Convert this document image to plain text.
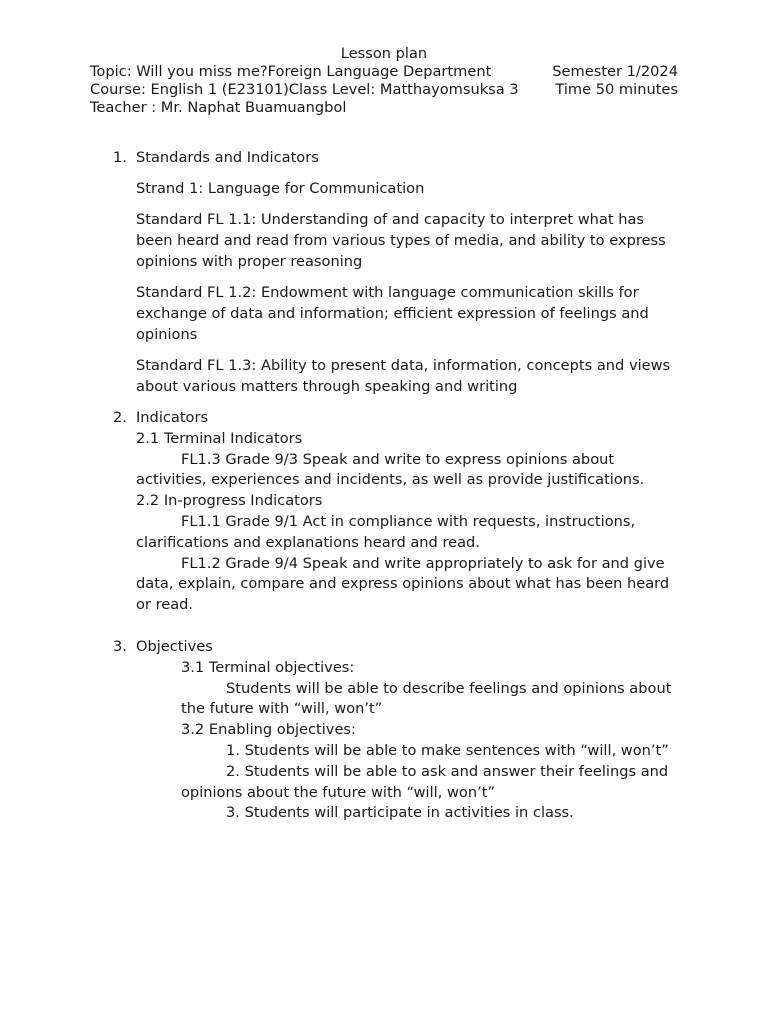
Lesson plan
Topic: Will you miss me?Foreign Language Department	Semester 1/2024
Course: English 1 (E23101)Class Level: Matthayomsuksa 3	Time 50 minutes
Teacher : Mr. Naphat Buamuangbol
1. Standards and Indicators

Strand 1: Language for Communication

Standard FL 1.1: Understanding of and capacity to interpret what has been heard and read from various types of media, and ability to express opinions with proper reasoning

Standard FL 1.2: Endowment with language communication skills for exchange of data and information; efficient expression of feelings and opinions

Standard FL 1.3: Ability to present data, information, concepts and views about various matters through speaking and writing

2. Indicators

2.1 Terminal Indicators

FL1.3 Grade 9/3 Speak and write to express opinions about activities, experiences and incidents, as well as provide justifications.

2.2 In-progress Indicators

FL1.1 Grade 9/1 Act in compliance with requests, instructions, clarifications and explanations heard and read.

FL1.2 Grade 9/4 Speak and write appropriately to ask for and give data, explain, compare and express opinions about what has been heard or read.

3. Objectives

3.1 Terminal objectives:

Students will be able to describe feelings and opinions about the future with “will, won’t”

3.2 Enabling objectives:

1. Students will be able to make sentences with “will, won’t”

2. Students will be able to ask and answer their feelings and opinions about the future with “will, won’t”

3. Students will participate in activities in class.
